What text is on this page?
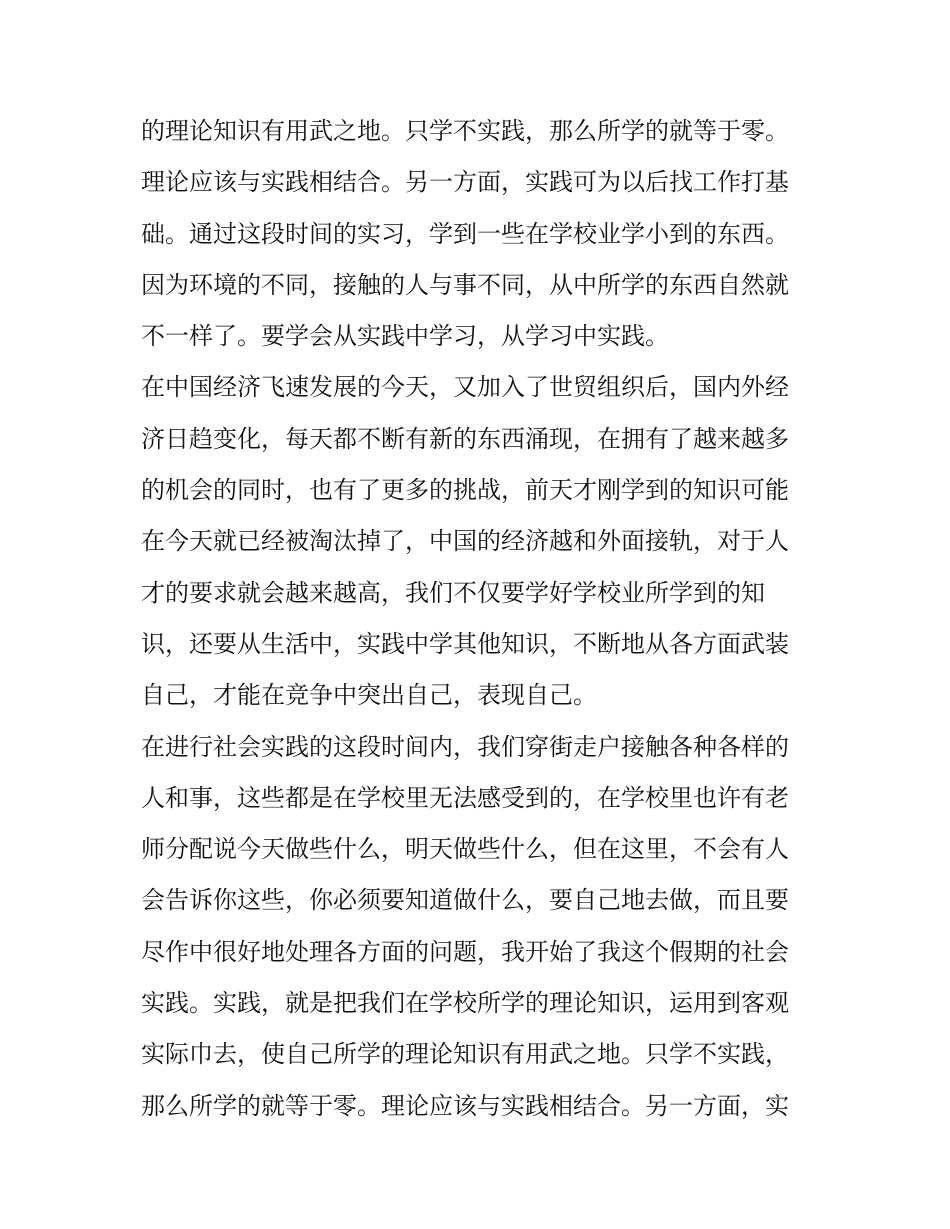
的理论知识有用武之地。只学不实践，那么所学的就等于零。
理论应该与实践相结合。另一方面，实践可为以后找工作打基
础。通过这段时间的实习，学到一些在学校业学小到的东西。
因为环境的不同，接触的人与事不同，从中所学的东西自然就
不一样了。要学会从实践中学习，从学习中实践。
在中国经济飞速发展的今天，又加入了世贸组织后，国内外经
济日趋变化，每天都不断有新的东西涌现，在拥有了越来越多
的机会的同时，也有了更多的挑战，前天才刚学到的知识可能
在今天就已经被淘汰掉了，中国的经济越和外面接轨，对于人
才的要求就会越来越高，我们不仅要学好学校业所学到的知
识，还要从生活中，实践中学其他知识，不断地从各方面武装
自己，才能在竞争中突出自己，表现自己。
在进行社会实践的这段时间内，我们穿街走户接触各种各样的
人和事，这些都是在学校里无法感受到的，在学校里也许有老
师分配说今天做些什么，明天做些什么，但在这里，不会有人
会告诉你这些，你必须要知道做什么，要自己地去做，而且要
尽作中很好地处理各方面的问题，我开始了我这个假期的社会
实践。实践，就是把我们在学校所学的理论知识，运用到客观
实际巾去，使自己所学的理论知识有用武之地。只学不实践，
那么所学的就等于零。理论应该与实践相结合。另一方面，实
